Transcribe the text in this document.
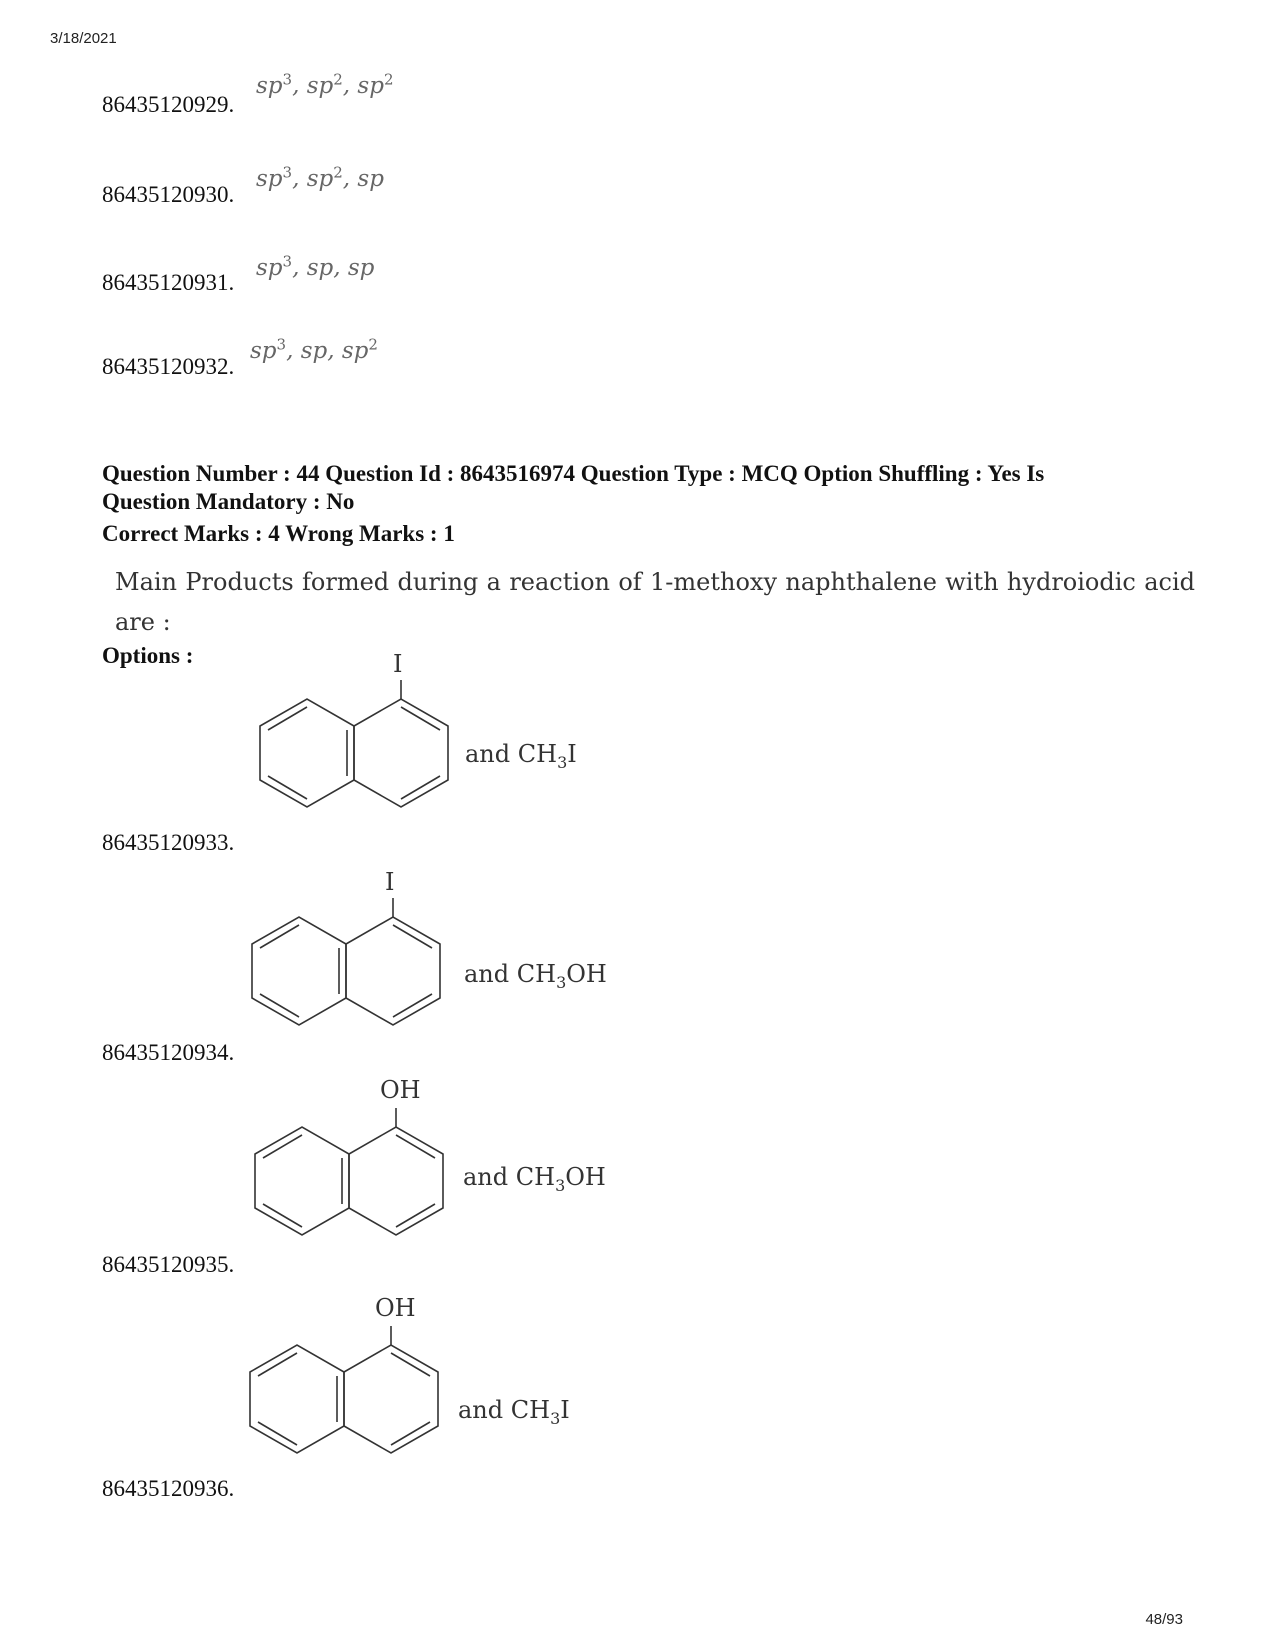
3/18/2021
86435120929.
$sp^3$, $sp^2$, $sp^2$
86435120930.
$sp^3$, $sp^2$, sp
86435120931.
$sp^3$, sp, sp
86435120932.
$sp^3$, sp, $sp^2$
Question Number : 44 Question Id : 8643516974 Question Type : MCQ Option Shuffling : Yes Is
Question Mandatory : No
Correct Marks : 4 Wrong Marks : 1
Main Products formed during a reaction of 1-methoxy naphthalene with hydroiodic acid are :
Options :
86435120933.
I
and $CH_3I$
86435120934.
I
and $CH_3OH$
86435120935.
OH
and $CH_3OH$
86435120936.
OH
and $CH_3I$
48/93
